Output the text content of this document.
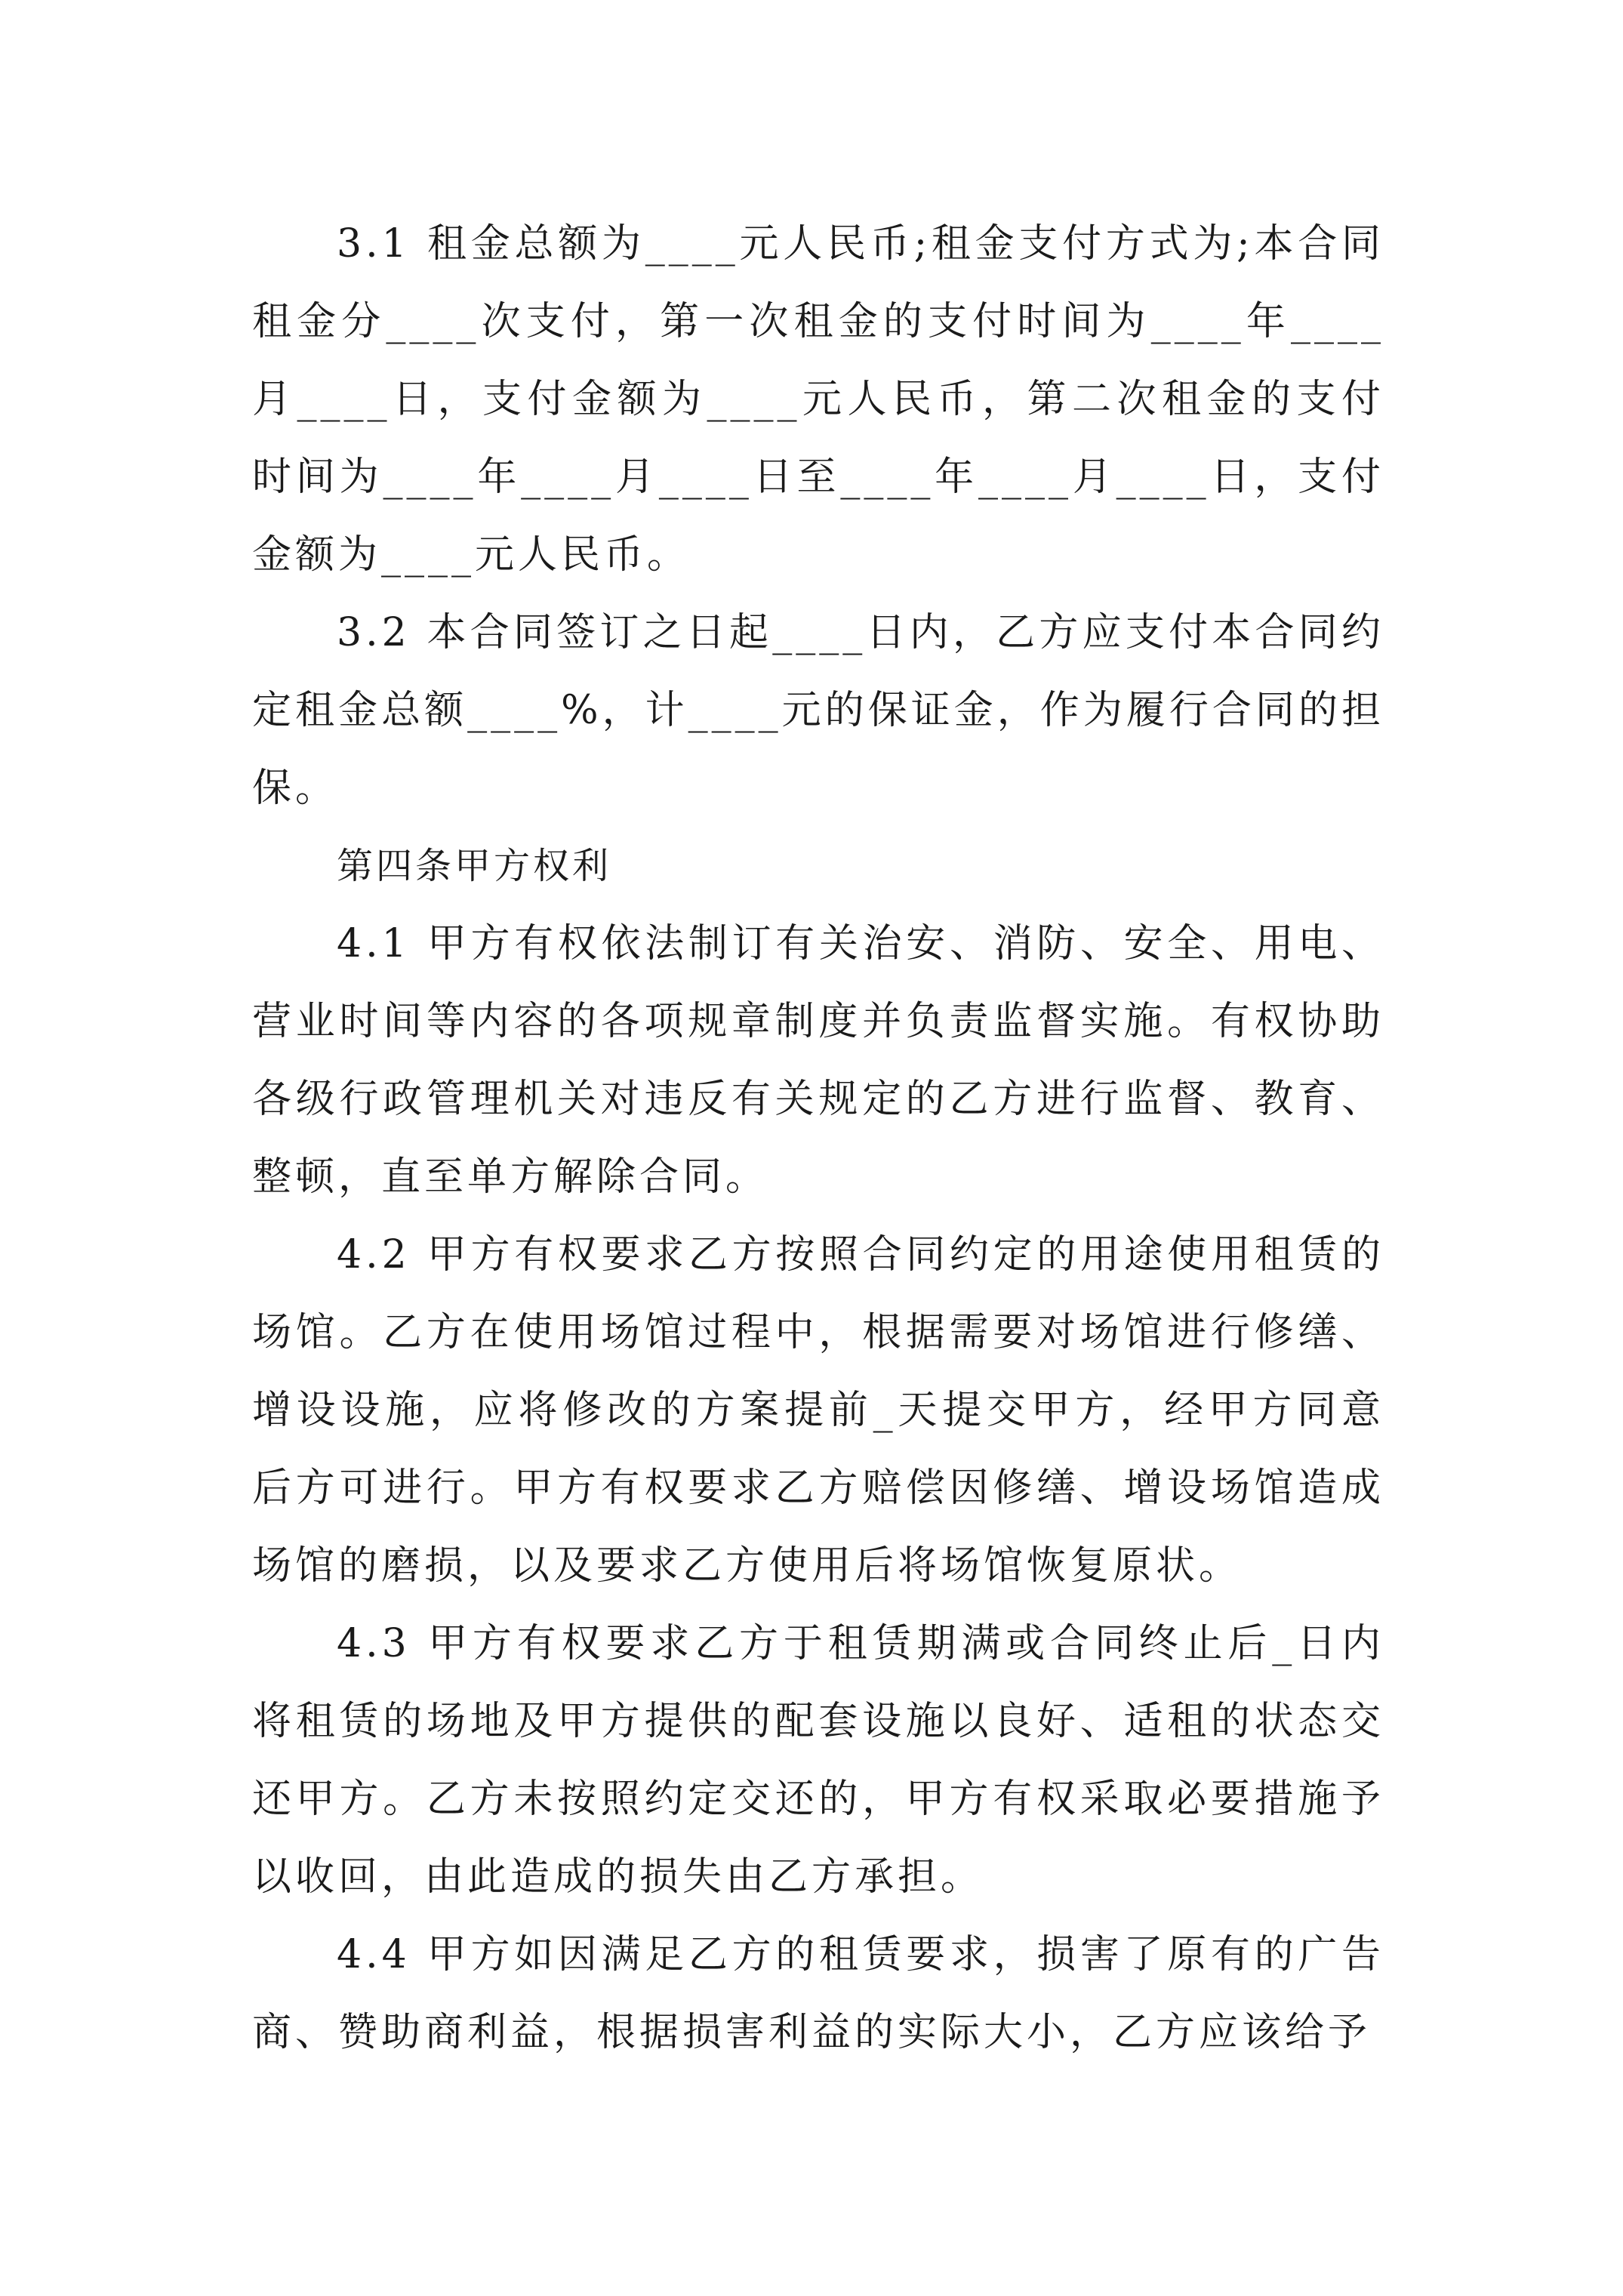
3.1 租金总额为____元人民币;租金支付方式为;本合同租金分____次支付，第一次租金的支付时间为____年____月____日，支付金额为____元人民币，第二次租金的支付时间为____年____月____日至____年____月____日，支付金额为____元人民币。

3.2 本合同签订之日起____日内，乙方应支付本合同约定租金总额____%，计____元的保证金，作为履行合同的担保。

第四条甲方权利

4.1 甲方有权依法制订有关治安、消防、安全、用电、营业时间等内容的各项规章制度并负责监督实施。有权协助各级行政管理机关对违反有关规定的乙方进行监督、教育、整顿，直至单方解除合同。

4.2 甲方有权要求乙方按照合同约定的用途使用租赁的场馆。乙方在使用场馆过程中，根据需要对场馆进行修缮、增设设施，应将修改的方案提前_天提交甲方，经甲方同意后方可进行。甲方有权要求乙方赔偿因修缮、增设场馆造成场馆的磨损，以及要求乙方使用后将场馆恢复原状。

4.3 甲方有权要求乙方于租赁期满或合同终止后_日内将租赁的场地及甲方提供的配套设施以良好、适租的状态交还甲方。乙方未按照约定交还的，甲方有权采取必要措施予以收回，由此造成的损失由乙方承担。

4.4 甲方如因满足乙方的租赁要求，损害了原有的广告商、赞助商利益，根据损害利益的实际大小，乙方应该给予
